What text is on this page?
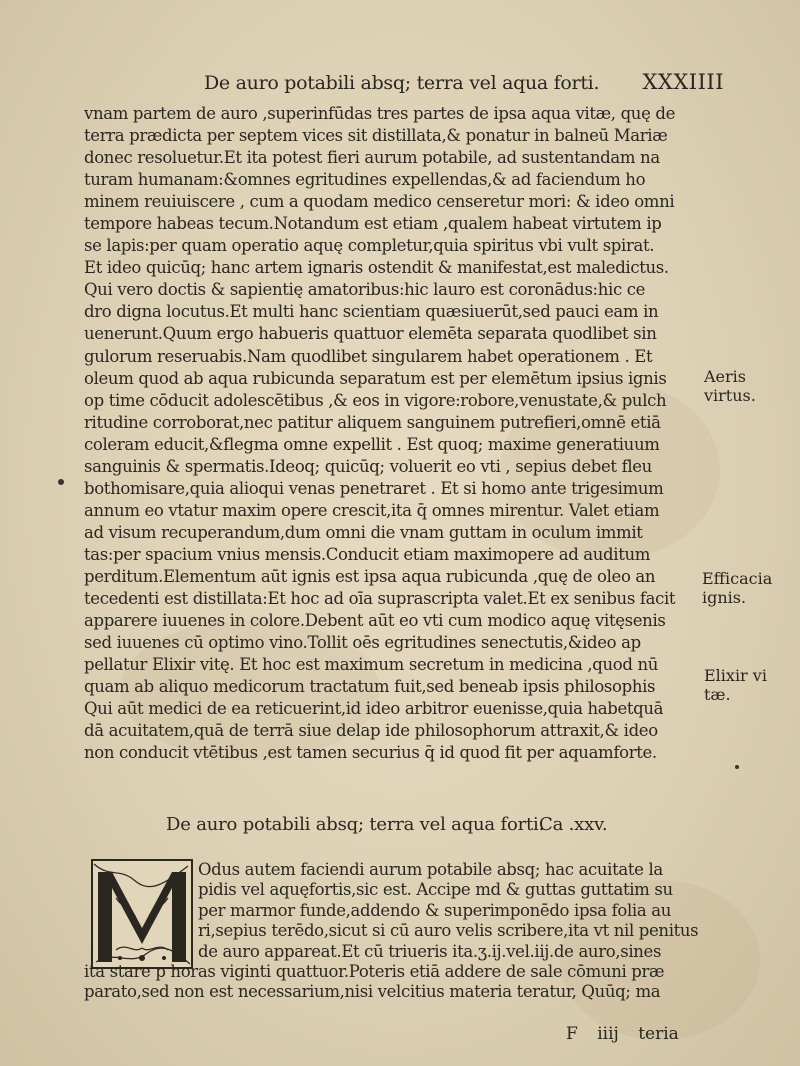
De auro potabili absq; terra vel aqua forti. XXXIIII
vnam partem de auro ,superinfūdas tres partes de ipsa aqua vitæ, quę de
terra prædicta per septem vices sit distillata,& ponatur in balneū Mariæ
donec resoluetur.Et ita potest fieri aurum potabile, ad sustentandam na
turam humanam:&omnes egritudines expellendas,& ad faciendum ho
minem reuiuiscere , cum a quodam medico censeretur mori: & ideo omni
tempore habeas tecum.Notandum est etiam ,qualem habeat virtutem ip
se lapis:per quam operatio aquę completur,quia spiritus vbi vult spirat.
Et ideo quicūq; hanc artem ignaris ostendit & manifestat,est maledictus.
Qui vero doctis & sapientię amatoribus:hic lauro est coronādus:hic ce
dro digna locutus.Et multi hanc scientiam quæsiuerūt,sed pauci eam in
uenerunt.Quum ergo habueris quattuor elemēta separata quodlibet sin
gulorum reseruabis.Nam quodlibet singularem habet operationem . Et
oleum quod ab aqua rubicunda separatum est per elemētum ipsius ignis
op time cōducit adolescētibus ,& eos in vigore:robore,venustate,& pulch
ritudine corroborat,nec patitur aliquem sanguinem putrefieri,omnē etiā
coleram educit,&flegma omne expellit . Est quoq; maxime generatiuum
sanguinis & spermatis.Ideoq; quicūq; voluerit eo vti , sepius debet fleu
bothomisare,quia alioqui venas penetraret . Et si homo ante trigesimum
annum eo vtatur maxim opere crescit,ita q̄ omnes mirentur. Valet etiam
ad visum recuperandum,dum omni die vnam guttam in oculum immit
tas:per spacium vnius mensis.Conducit etiam maximopere ad auditum
perditum.Elementum aūt ignis est ipsa aqua rubicunda ,quę de oleo an
tecedenti est distillata:Et hoc ad oīa suprascripta valet.Et ex senibus facit
apparere iuuenes in colore.Debent aūt eo vti cum modico aquę vitęsenis
sed iuuenes cū optimo vino.Tollit oēs egritudines senectutis,&ideo ap
pellatur Elixir vitę. Et hoc est maximum secretum in medicina ,quod nū
quam ab aliquo medicorum tractatum fuit,sed beneab ipsis philosophis
Qui aūt medici de ea reticuerint,id ideo arbitror euenisse,quia habetquā
dā acuitatem,quā de terrā siue delap ide philosophorum attraxit,& ideo
non conducit vtētibus ,est tamen securius q̄ id quod fit per aquamforte.
Aeris
virtus.
Efficacia
ignis.
Elixir vi
tæ.
De auro potabili absq; terra vel aqua forti.
Ca .xxv.
Odus autem faciendi aurum potabile absq; hac acuitate la
pidis vel aquęfortis,sic est. Accipe md & guttas guttatim su
per marmor funde,addendo & superimponēdo ipsa folia au
ri,sepius terēdo,sicut si cū auro velis scribere,ita vt nil penitus
de auro appareat.Et cū triueris ita.ʒ.ij.vel.iij.de auro,sines
ita stare p horas viginti quattuor.Poteris etiā addere de sale cōmuni præ
parato,sed non est necessarium,nisi velcitius materia teratur, Quūq; ma
F iiij teria
